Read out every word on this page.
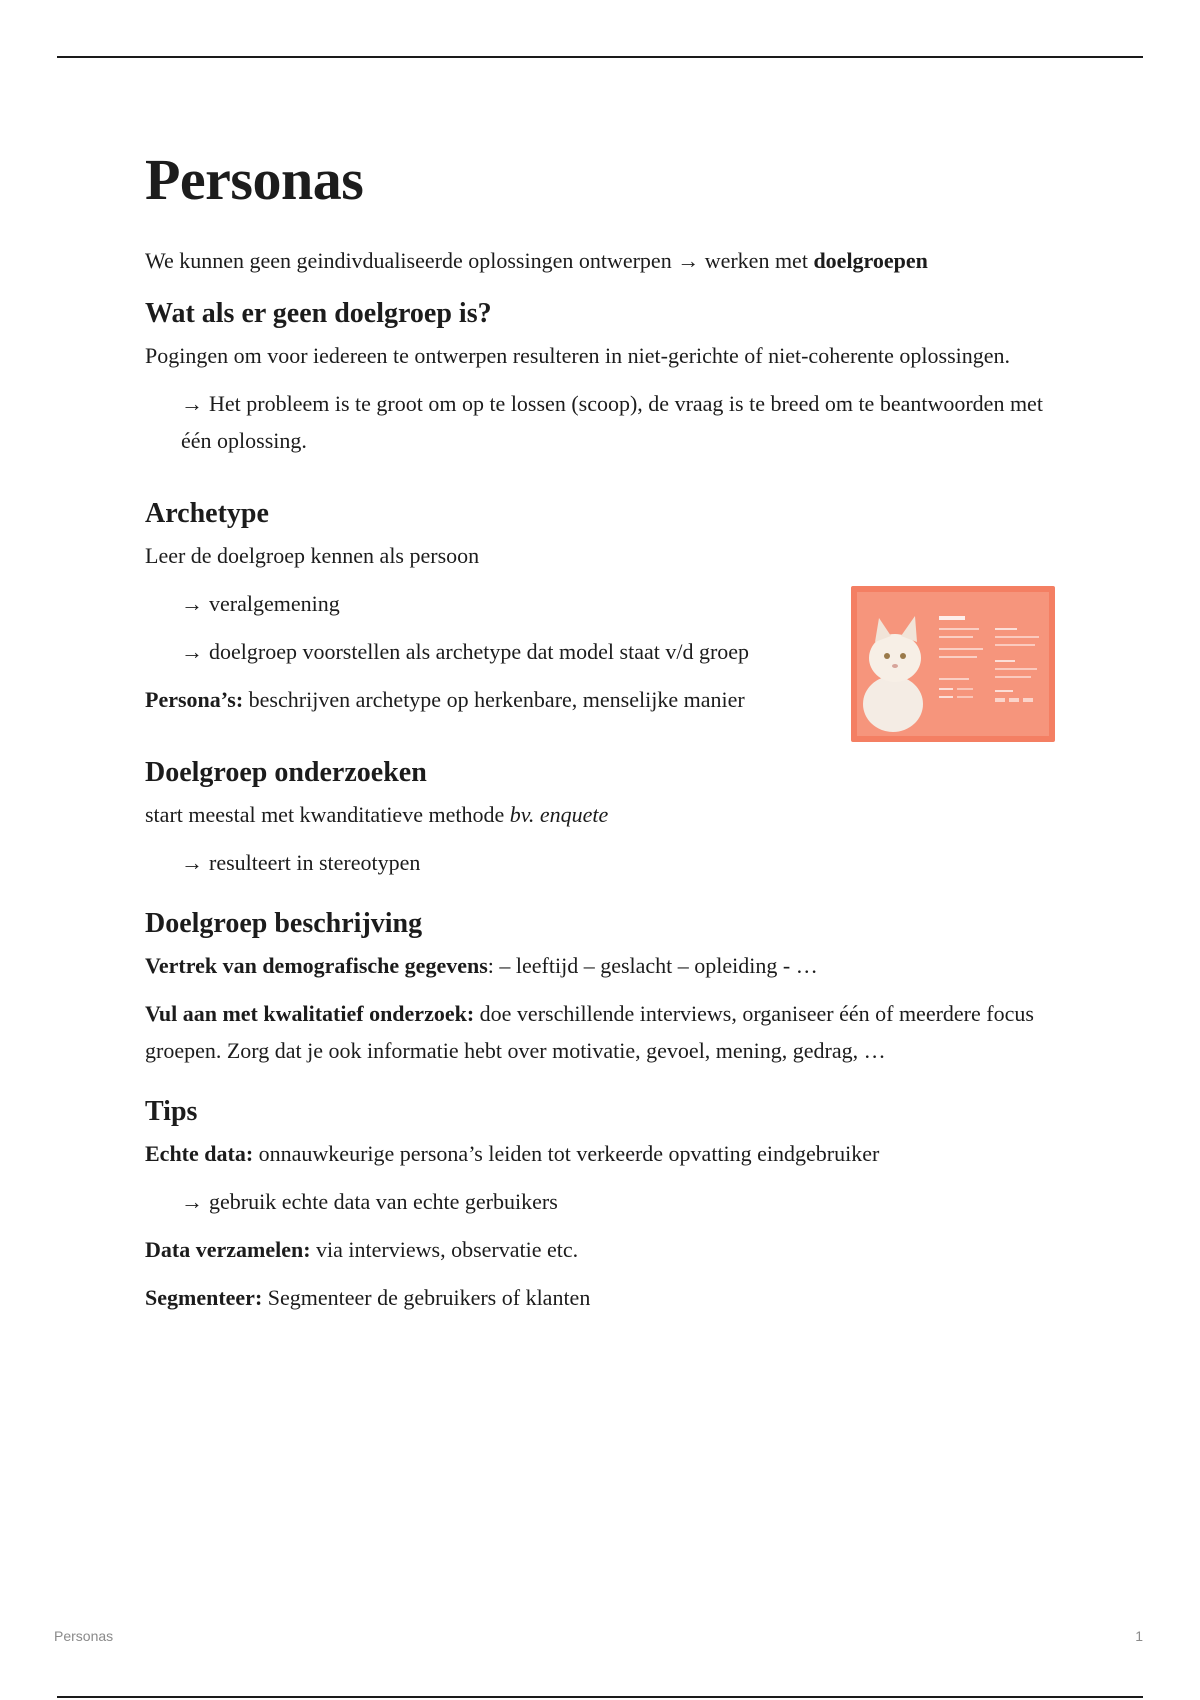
Personas

We kunnen geen geindivdualiseerde oplossingen ontwerpen → werken met doelgroepen

Wat als er geen doelgroep is?

Pogingen om voor iedereen te ontwerpen resulteren in niet-gerichte of niet-coherente oplossingen.

→ Het probleem is te groot om op te lossen (scoop), de vraag is te breed om te beantwoorden met één oplossing.

Archetype

Leer de doelgroep kennen als persoon

→ veralgemening

→ doelgroep voorstellen als archetype dat model staat v/d groep

Persona’s: beschrijven archetype op herkenbare, menselijke manier

Doelgroep onderzoeken

start meestal met kwanditatieve methode bv. enquete

→ resulteert in stereotypen

Doelgroep beschrijving

Vertrek van demografische gegevens: – leeftijd – geslacht – opleiding - …

Vul aan met kwalitatief onderzoek: doe verschillende interviews, organiseer één of meerdere focus groepen. Zorg dat je ook informatie hebt over motivatie, gevoel, mening, gedrag, …

Tips

Echte data: onnauwkeurige persona’s leiden tot verkeerde opvatting eindgebruiker

→ gebruik echte data van echte gerbuikers

Data verzamelen: via interviews, observatie etc.

Segmenteer: Segmenteer de gebruikers of klanten

Personas	1
